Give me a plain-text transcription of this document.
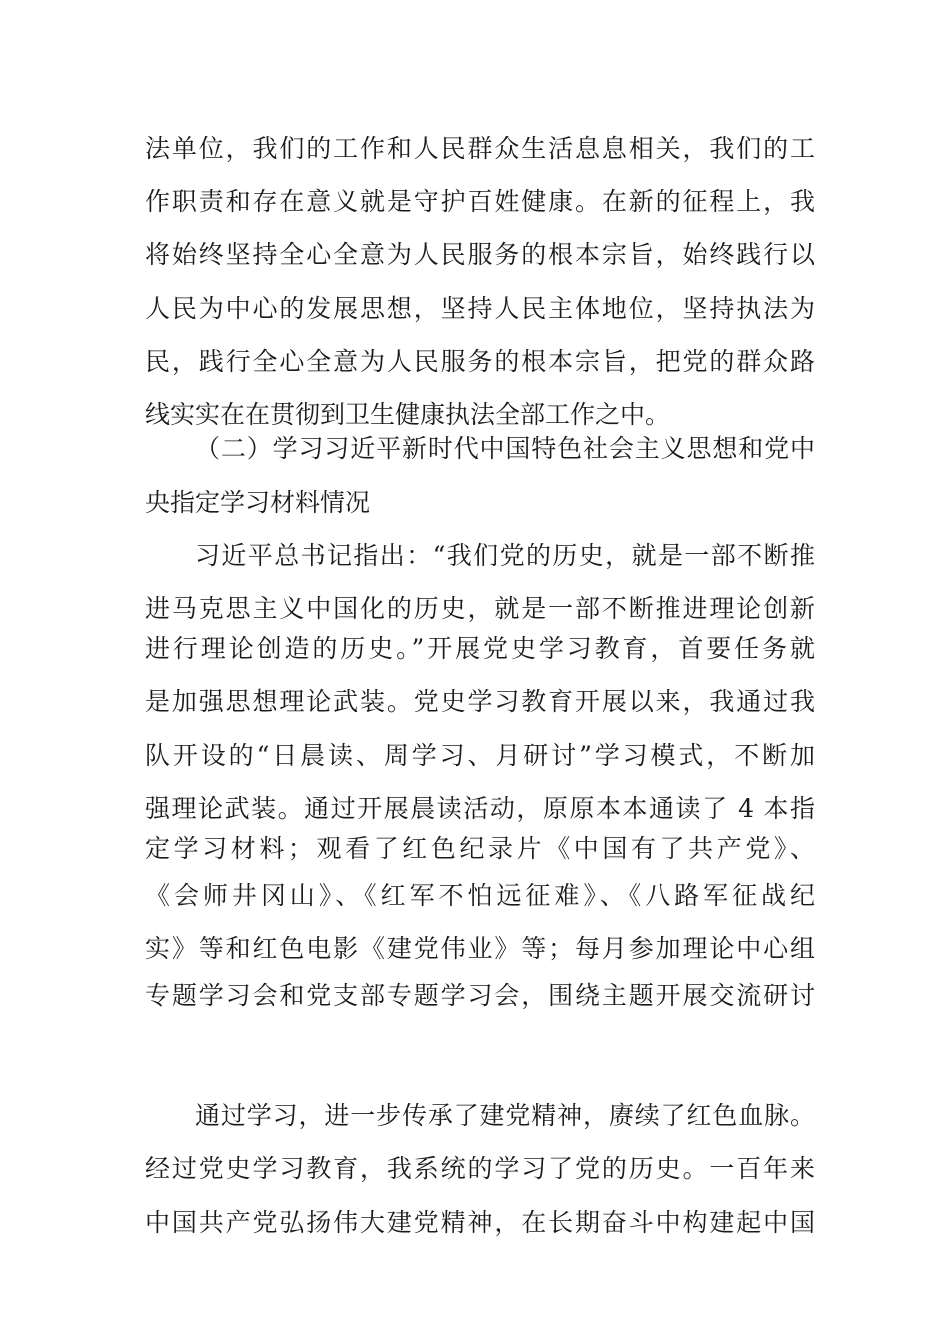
法单位，我们的工作和人民群众生活息息相关，我们的工
作职责和存在意义就是守护百姓健康。在新的征程上，我
将始终坚持全心全意为人民服务的根本宗旨，始终践行以
人民为中心的发展思想，坚持人民主体地位，坚持执法为
民，践行全心全意为人民服务的根本宗旨，把党的群众路
线实实在在贯彻到卫生健康执法全部工作之中。
（二）学习习近平新时代中国特色社会主义思想和党中
央指定学习材料情况
习近平总书记指出：“我们党的历史，就是一部不断推
进马克思主义中国化的历史，就是一部不断推进理论创新
进行理论创造的历史。”开展党史学习教育，首要任务就
是加强思想理论武装。党史学习教育开展以来，我通过我
队开设的“日晨读、周学习、月研讨”学习模式，不断加
强理论武装。通过开展晨读活动，原原本本通读了 4 本指
定学习材料；观看了红色纪录片《中国有了共产党》、
《会师井冈山》、《红军不怕远征难》、《八路军征战纪
实》等和红色电影《建党伟业》等；每月参加理论中心组
专题学习会和党支部专题学习会，围绕主题开展交流研讨
通过学习，进一步传承了建党精神，赓续了红色血脉。
经过党史学习教育，我系统的学习了党的历史。一百年来
中国共产党弘扬伟大建党精神，在长期奋斗中构建起中国
